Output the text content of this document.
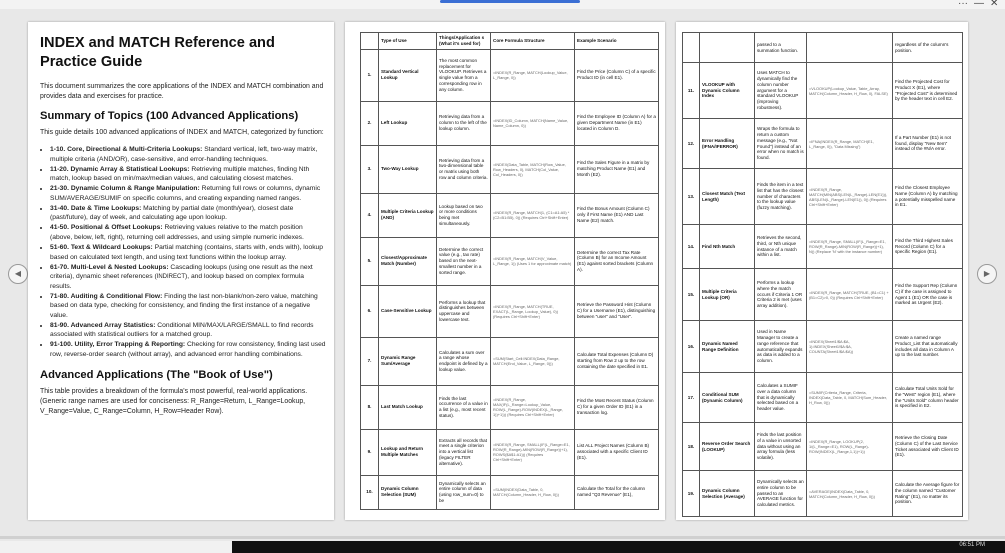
··· — ✕
◀	▶
INDEX and MATCH Reference and Practice Guide

This document summarizes the core applications of the INDEX and MATCH combination and provides data and exercises for practice.

Summary of Topics (100 Advanced Applications)

This guide details 100 advanced applications of INDEX and MATCH, categorized by function:

• 1-10. Core, Directional & Multi-Criteria Lookups: Standard vertical, left, two-way matrix, multiple criteria (AND/OR), case-sensitive, and error-handling techniques.
• 11-20. Dynamic Array & Statistical Lookups: Retrieving multiple matches, finding Nth match, lookup based on min/max/median values, and calculating closest matches.
• 21-30. Dynamic Column & Range Manipulation: Returning full rows or columns, dynamic SUM/AVERAGE/SUMIF on specific columns, and creating expanding named ranges.
• 31-40. Date & Time Lookups: Matching by partial date (month/year), closest date (past/future), day of week, and calculating age upon lookup.
• 41-50. Positional & Offset Lookups: Retrieving values relative to the match position (above, below, left, right), returning cell addresses, and using simple numeric indexes.
• 51-60. Text & Wildcard Lookups: Partial matching (contains, starts with, ends with), lookup based on calculated text length, and using text functions within the lookup array.
• 61-70. Multi-Level & Nested Lookups: Cascading lookups (using one result as the next criteria), dynamic sheet references (INDIRECT), and lookup based on complex formula results.
• 71-80. Auditing & Conditional Flow: Finding the last non-blank/non-zero value, matching based on data type, checking for consistency, and finding the first instance of a negative value.
• 81-90. Advanced Array Statistics: Conditional MIN/MAX/LARGE/SMALL to find records associated with statistical outliers for a matched group.
• 91-100. Utility, Error Trapping & Reporting: Checking for row consistency, finding last used row, reverse-order search (without array), and advanced error handling combinations.
Advanced Applications (The "Book of Use")

This table provides a breakdown of the formula's most powerful, real-world applications. (Generic range names are used for conciseness: R_Range=Return, L_Range=Lookup, V_Range=Value, C_Range=Column, H_Row=Header Row).

	Type of Use	Things/Application s (What it's used for)	Core Formula Structure	Example Scenario
1.	Standard Vertical Lookup	The most common replacement for VLOOKUP. Retrieves a single value from a corresponding row in any column.	=INDEX(R_Range, MATCH(Lookup_Value, L_Range, 0))	Find the Price (Column C) of a specific Product ID (in cell E1).
2.	Left Lookup	Retrieving data from a column to the left of the lookup column.	=INDEX(ID_Column, MATCH(Name_Value, Name_Column, 0))	Find the Employee ID (Column A) for a given Department Name (in E1) located in Column D.
3.	Two-Way Lookup	Retrieving data from a two-dimensional table or matrix using both row and column criteria.	=INDEX(Data_Table, MATCH(Row_Value, Row_Headers, 0), MATCH(Col_Value, Col_Headers, 0))	Find the Sales Figure in a matrix by matching Product Name (E1) and Month (E2).
4.	Multiple Criteria Lookup (AND)	Lookup based on two or more conditions being met simultaneously.	=INDEX(R_Range, MATCH(1, (C1=A1:A5) * (C2=B1:B5), 0)) (Requires Ctrl+Shift+Enter)	Find the Bonus Amount (Column C) only if First Name (E1) AND Last Name (E2) match.
5.	Closest/Approximate Match (Number)	Determine the correct value (e.g., tax rate) based on the next-smallest number in a sorted range.	=INDEX(R_Range, MATCH(V_Value, L_Range, 1)) (Uses 1 for approximate match)	Determine the correct Tax Rate (Column B) for an Income Amount (E1) against sorted brackets (Column A).
6.	Case-Sensitive Lookup	Performs a lookup that distinguishes between uppercase and lowercase text.	=INDEX(R_Range, MATCH(TRUE, EXACT(L_Range, Lookup_Value), 0)) (Requires Ctrl+Shift+Enter)	Retrieve the Password Hint (Column C) for a Username (E1), distinguishing between "user" and "User".
7.	Dynamic Range Sum/Average	Calculates a sum over a range whose endpoint is defined by a lookup value.	=SUM(Start_Cell:INDEX(Data_Range, MATCH(End_Value, L_Range, 0)))	Calculate Total Expenses (Column D) starting from Row 2 up to the row containing the date specified in E1.
8.	Last Match Lookup	Finds the last occurrence of a value in a list (e.g., most recent status).	=INDEX(R_Range, MAX(IF(L_Range=Lookup_Value, ROW(L_Range)-ROW(INDEX(L_Range, 1))+1))) (Requires Ctrl+Shift+Enter)	Find the Most Recent Status (Column C) for a given Order ID (E1) in a transaction log.
9.	Lookup and Return Multiple Matches	Extracts all records that meet a single criterion into a vertical list (legacy FILTER alternative).	=INDEX(R_Range, SMALL(IF(L_Range=E1, ROW(R_Range)-MIN(ROW(R_Range))+1), ROWS($A$1:A1))) (Requires Ctrl+Shift+Enter)	List ALL Project Names (Column B) associated with a specific Client ID (E1).
10.	Dynamic Column Selection (SUM)	Dynamically selects an entire column of data (using row_num=0) to be	=SUM(INDEX(Data_Table, 0, MATCH(Column_Header, H_Row, 0)))	Calculate the Total for the column named "Q3 Revenue" (E1),
		passed to a summation function.		regardless of the column's position.
11.	VLOOKUP with Dynamic Column Index	Uses MATCH to dynamically find the column number argument for a standard VLOOKUP (improving robustness).	=VLOOKUP(Lookup_Value, Table_Array, MATCH(Column_Header, H_Row, 0), FALSE)	Find the Projected Cost for Product X (E1), where "Projected Cost" is determined by the header text in cell E2.
12.	Error Handling (IFNA/IFERROR)	Wraps the formula to return a custom message (e.g., "Not Found") instead of an error when no match is found.	=IFNA(INDEX(R_Range, MATCH(E1, L_Range, 0)), "Data Missing")	If a Part Number (E1) is not found, display "New Item" instead of the #N/A error.
13.	Closest Match (Text Length)	Finds the item in a text list that has the closest number of characters to the lookup value (fuzzy matching).	=INDEX(R_Range, MATCH(MIN(ABS(LEN(L_Range)-LEN(E1))), ABS(LEN(L_Range)-LEN(E1)), 0)) (Requires Ctrl+Shift+Enter)	Find the Closest Employee Name (Column A) by matching a potentially misspelled name in E1.
14.	Find Nth Match	Retrieves the second, third, or Nth unique instance of a match within a list.	=INDEX(R_Range, SMALL(IF(L_Range=E1, ROW(R_Range)-MIN(ROW(R_Range))+1), N)) (Replace 'N' with the instance number)	Find the Third Highest Sales Record (Column C) for a specific Region (E1).
15.	Multiple Criteria Lookup (OR)	Performs a lookup where the match occurs if Criteria 1 OR Criteria 2 is met (uses array addition).	=INDEX(R_Range, MATCH(TRUE, (B1=C1) + (B1=C2)>0, 0)) (Requires Ctrl+Shift+Enter)	Find the Support Rep (Column C) if the case is assigned to Agent 1 (E1) OR the case is marked as Urgent (E2).
16.	Dynamic Named Range Definition	Used in Name Manager to create a range reference that automatically expands as data is added to a column.	=INDEX(Sheet1!$A:$A, 1):INDEX(Sheet1!$A:$A, COUNTA(Sheet1!$A:$A))	Create a named range Product_List that automatically includes all data in Column A up to the last number.
17.	Conditional SUM (Dynamic Column)	Calculates a SUMIF over a data column that is dynamically selected based on a header value.	=SUMIF(Criteria_Range, Criteria, INDEX(Data_Table, 0, MATCH(Sum_Header, H_Row, 0)))	Calculate Total Units Sold for the "West" region (E1), where the "Units Sold" column header is specified in E2.
18.	Reverse Order Search (LOOKUP)	Finds the last position of a value in unsorted data without using an array formula (less volatile).	=INDEX(R_Range, LOOKUP(2, 1/(L_Range=E1), ROW(L_Range)-ROW(INDEX(L_Range,1,1))+1))	Retrieve the Closing Date (Column C) of the Last Service Ticket associated with Client ID (E1).
19.	Dynamic Column Selection (Average)	Dynamically selects an entire column to be passed to an AVERAGE function for calculated metrics.	=AVERAGE(INDEX(Data_Table, 0, MATCH(Column_Header, H_Row, 0)))	Calculate the Average figure for the column named "Customer Rating" (E1), no matter its position.
06:51 PM
